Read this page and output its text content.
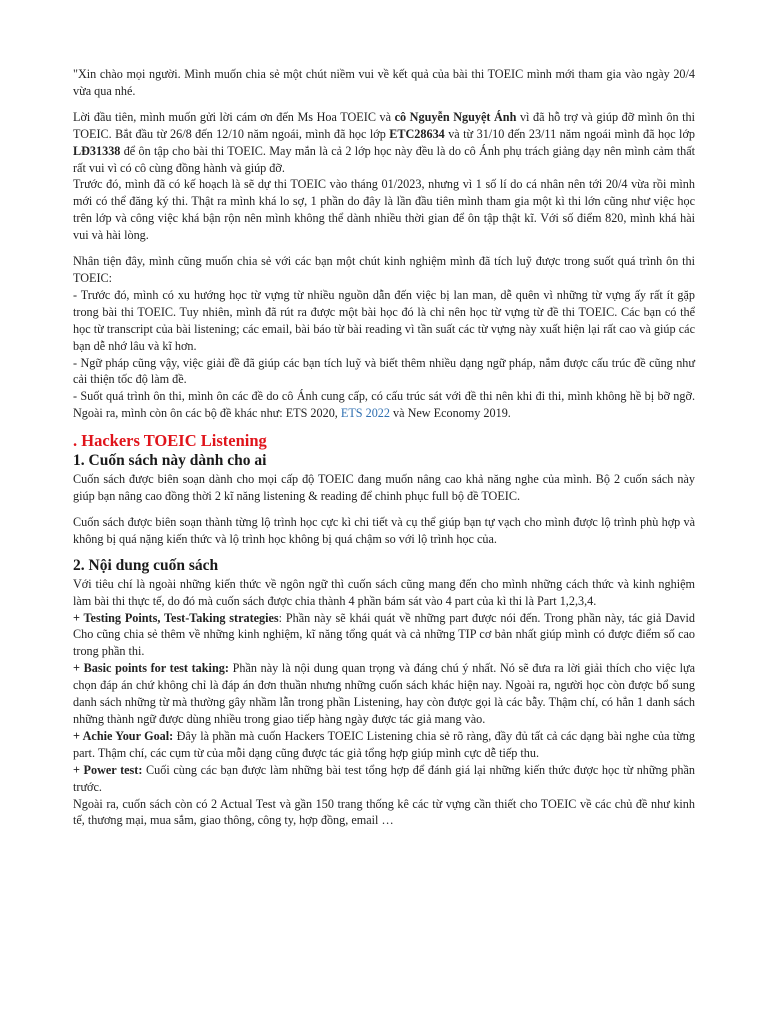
"Xin chào mọi người. Mình muốn chia sẻ một chút niềm vui về kết quả của bài thi TOEIC mình mới tham gia vào ngày 20/4 vừa qua nhé.

Lời đầu tiên, mình muốn gửi lời cám ơn đến Ms Hoa TOEIC và cô Nguyễn Nguyệt Ánh vì đã hỗ trợ và giúp đỡ mình ôn thi TOEIC. Bắt đầu từ 26/8 đến 12/10 năm ngoái, mình đã học lớp ETC28634 và từ 31/10 đến 23/11 năm ngoái mình đã học lớp LĐ31338 để ôn tập cho bài thi TOEIC. May mắn là cả 2 lớp học này đều là do cô Ánh phụ trách giảng dạy nên mình cảm thất rất vui vì có cô cùng đồng hành và giúp đỡ.

Trước đó, mình đã có kế hoạch là sẽ dự thi TOEIC vào tháng 01/2023, nhưng vì 1 số lí do cá nhân nên tới 20/4 vừa rồi mình mới có thể đăng ký thi. Thật ra mình khá lo sợ, 1 phần do đây là lần đầu tiên mình tham gia một kì thi lớn cũng như việc học trên lớp và công việc khá bận rộn nên mình không thể dành nhiều thời gian để ôn tập thật kĩ. Với số điểm 820, mình khá hài vui và hài lòng.

Nhân tiện đây, mình cũng muốn chia sẻ với các bạn một chút kinh nghiệm mình đã tích luỹ được trong suốt quá trình ôn thi TOEIC:

- Trước đó, mình có xu hướng học từ vựng từ nhiều nguồn dẫn đến việc bị lan man, dễ quên vì những từ vựng ấy rất ít gặp trong bài thi TOEIC. Tuy nhiên, mình đã rút ra được một bài học đó là chỉ nên học từ vựng từ đề thi TOEIC. Các bạn có thể học từ transcript của bài listening; các email, bài báo từ bài reading vì tần suất các từ vựng này xuất hiện lại rất cao và giúp các bạn dễ nhớ lâu và kĩ hơn.

- Ngữ pháp cũng vậy, việc giải đề đã giúp các bạn tích luỹ và biết thêm nhiều dạng ngữ pháp, nắm được cấu trúc đề cũng như cải thiện tốc độ làm đề.

- Suốt quá trình ôn thi, mình ôn các đề do cô Ánh cung cấp, có cấu trúc sát với đề thi nên khi đi thi, mình không hề bị bỡ ngỡ. Ngoài ra, mình còn ôn các bộ đề khác như: ETS 2020, ETS 2022 và New Economy 2019.

. Hackers TOEIC Listening
1. Cuốn sách này dành cho ai

Cuốn sách được biên soạn dành cho mọi cấp độ TOEIC đang muốn nâng cao khả năng nghe của mình. Bộ 2 cuốn sách này giúp bạn nâng cao đồng thời 2 kĩ năng listening & reading để chinh phục full bộ đề TOEIC.

Cuốn sách được biên soạn thành từng lộ trình học cực kì chi tiết và cụ thể giúp bạn tự vạch cho mình được lộ trình phù hợp và không bị quá nặng kiến thức và lộ trình học không bị quá chậm so với lộ trình học của.

2. Nội dung cuốn sách

Với tiêu chí là ngoài những kiến thức về ngôn ngữ thì cuốn sách cũng mang đến cho mình những cách thức và kinh nghiệm làm bài thi thực tế, do đó mà cuốn sách được chia thành 4 phần bám sát vào 4 part của kì thi là Part 1,2,3,4.

+ Testing Points, Test-Taking strategies: Phần này sẽ khái quát về những part được nói đến. Trong phần này, tác giả David Cho cũng chia sẻ thêm về những kinh nghiệm, kĩ năng tổng quát và cả những TIP cơ bản nhất giúp mình có được điểm số cao trong phần thi.

+ Basic points for test taking: Phần này là nội dung quan trọng và đáng chú ý nhất. Nó sẽ đưa ra lời giải thích cho việc lựa chọn đáp án chứ không chỉ là đáp án đơn thuần nhưng những cuốn sách khác hiện nay. Ngoài ra, người học còn được bổ sung danh sách những từ mà thường gây nhầm lẫn trong phần Listening, hay còn được gọi là các bẫy. Thậm chí, có hẳn 1 danh sách những thành ngữ được dùng nhiều trong giao tiếp hàng ngày được tác giả mang vào.

+ Achie Your Goal: Đây là phần mà cuốn Hackers TOEIC Listening chia sẻ rõ ràng, đầy đủ tất cả các dạng bài nghe của từng part. Thậm chí, các cụm từ của mỗi dạng cũng được tác giả tổng hợp giúp mình cực dễ tiếp thu.

+ Power test: Cuối cùng các bạn được làm những bài test tổng hợp để đánh giá lại những kiến thức được học từ những phần trước.

Ngoài ra, cuốn sách còn có 2 Actual Test và gần 150 trang thống kê các từ vựng cần thiết cho TOEIC về các chủ đề như kinh tế, thương mại, mua sắm, giao thông, công ty, hợp đồng, email …
